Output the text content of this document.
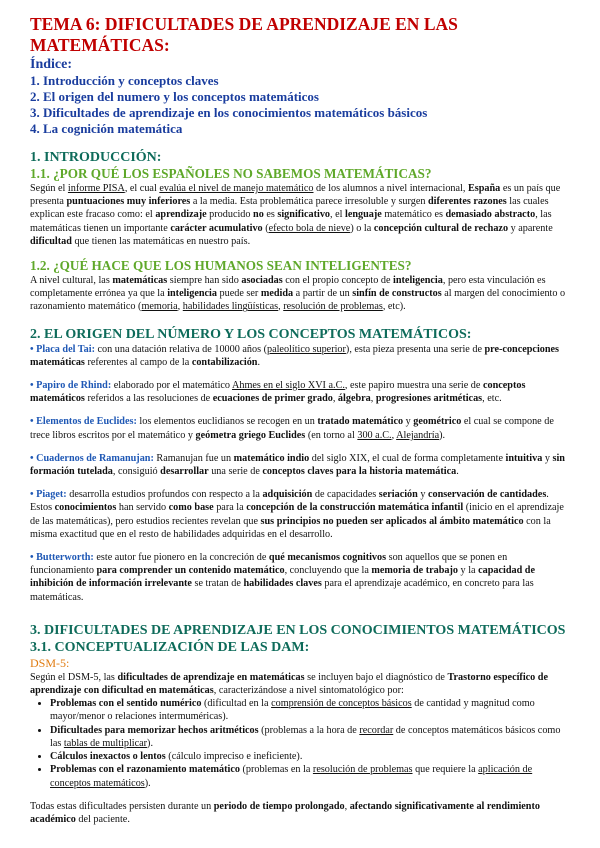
TEMA 6: DIFICULTADES DE APRENDIZAJE EN LAS MATEMÁTICAS:
Índice:
1. Introducción y conceptos claves
2. El origen del numero y los conceptos matemáticos
3. Dificultades de aprendizaje en los conocimientos matemáticos básicos
4. La cognición matemática
1. INTRODUCCIÓN:
1.1. ¿POR QUÉ LOS ESPAÑOLES NO SABEMOS MATEMÁTICAS?

Según el informe PISA, el cual evalúa el nivel de manejo matemático de los alumnos a nivel internacional, España es un país que presenta puntuaciones muy inferiores a la media. Esta problemática parece irresoluble y surgen diferentes razones las cuales explican este fracaso como: el aprendizaje producido no es significativo, el lenguaje matemático es demasiado abstracto, las matemáticas tienen un importante carácter acumulativo (efecto bola de nieve) o la concepción cultural de rechazo y aparente dificultad que tienen las matemáticas en nuestro país.

1.2. ¿QUÉ HACE QUE LOS HUMANOS SEAN INTELIGENTES?

A nivel cultural, las matemáticas siempre han sido asociadas con el propio concepto de inteligencia, pero esta vinculación es completamente errónea ya que la inteligencia puede ser medida a partir de un sinfín de constructos al margen del conocimiento o razonamiento matemático (memoria, habilidades lingüísticas, resolución de problemas, etc).

2. EL ORIGEN DEL NÚMERO Y LOS CONCEPTOS MATEMÁTICOS:

• Placa del Tai: con una datación relativa de 10000 años (paleolítico superior), esta pieza presenta una serie de pre-concepciones matemáticas referentes al campo de la contabilización.

• Papiro de Rhind: elaborado por el matemático Ahmes en el siglo XVI a.C., este papiro muestra una serie de conceptos matemáticos referidos a las resoluciones de ecuaciones de primer grado, álgebra, progresiones aritméticas, etc.

• Elementos de Euclides: los elementos euclidianos se recogen en un tratado matemático y geométrico el cual se compone de trece libros escritos por el matemático y geómetra griego Euclides (en torno al 300 a.C., Alejandría).

• Cuadernos de Ramanujan: Ramanujan fue un matemático indio del siglo XIX, el cual de forma completamente intuitiva y sin formación tutelada, consiguió desarrollar una serie de conceptos claves para la historia matemática.

• Piaget: desarrolla estudios profundos con respecto a la adquisición de capacidades seriación y conservación de cantidades. Estos conocimientos han servido como base para la concepción de la construcción matemática infantil (inicio en el aprendizaje de las matemáticas), pero estudios recientes revelan que sus principios no pueden ser aplicados al ámbito matemático con la misma exactitud que en el resto de habilidades adquiridas en el desarrollo.

• Butterworth: este autor fue pionero en la concreción de qué mecanismos cognitivos son aquellos que se ponen en funcionamiento para comprender un contenido matemático, concluyendo que la memoria de trabajo y la capacidad de inhibición de información irrelevante se tratan de habilidades claves para el aprendizaje académico, en concreto para las matemáticas.

3. DIFICULTADES DE APRENDIZAJE EN LOS CONOCIMIENTOS MATEMÁTICOS
3.1. CONCEPTUALIZACIÓN DE LAS DAM:
DSM-5:

Según el DSM-5, las dificultades de aprendizaje en matemáticas se incluyen bajo el diagnóstico de Trastorno específico de aprendizaje con dificultad en matemáticas, caracterizándose a nivel sintomatológico por:

• Problemas con el sentido numérico (dificultad en la comprensión de conceptos básicos de cantidad y magnitud como mayor/menor o relaciones intermuméricas).
• Dificultades para memorizar hechos aritméticos (problemas a la hora de recordar de conceptos matemáticos básicos como las tablas de multiplicar).
• Cálculos inexactos o lentos (cálculo impreciso e ineficiente).
• Problemas con el razonamiento matemático (problemas en la resolución de problemas que requiere la aplicación de conceptos matemáticos).

Todas estas dificultades persisten durante un periodo de tiempo prolongado, afectando significativamente al rendimiento académico del paciente.
